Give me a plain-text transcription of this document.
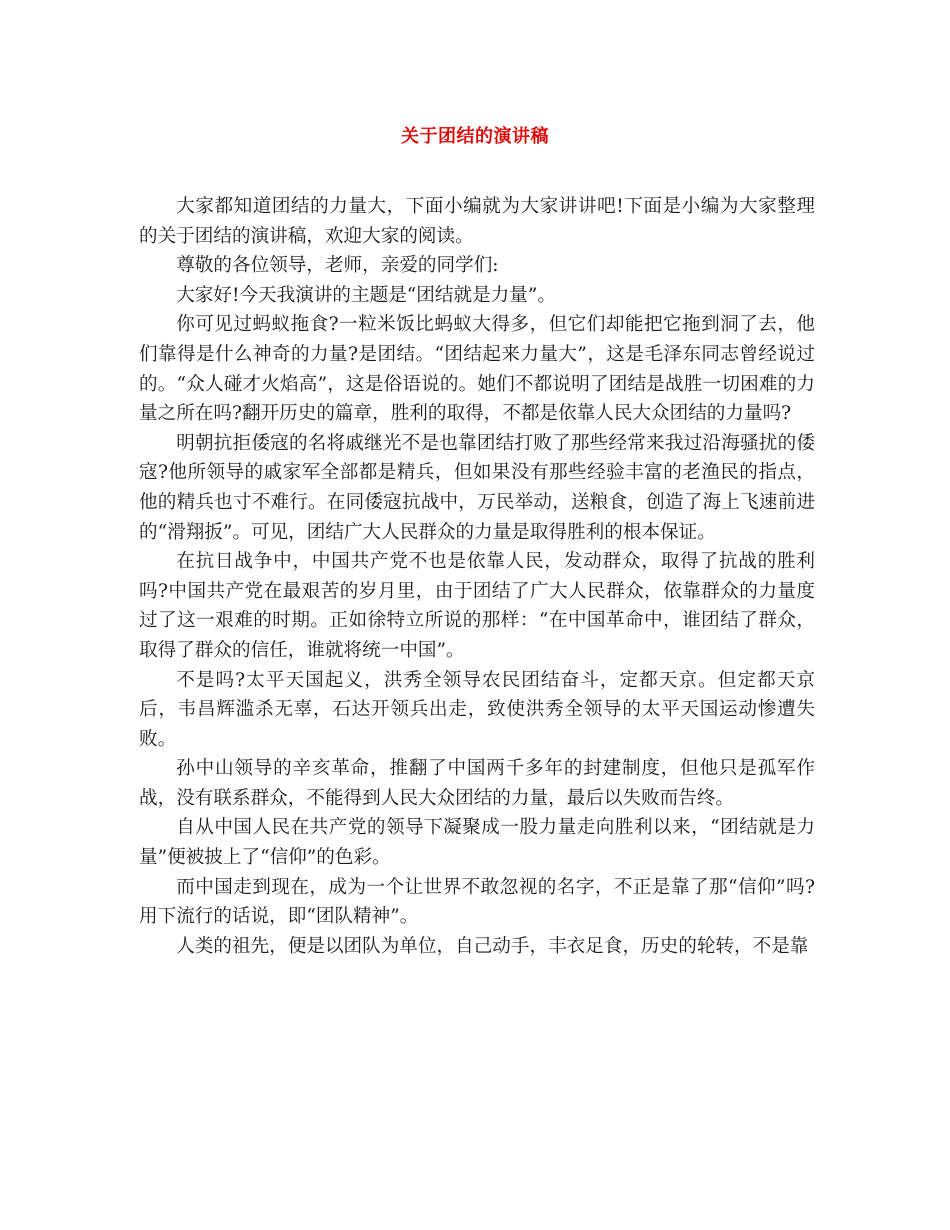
关于团结的演讲稿

大家都知道团结的力量大，下面小编就为大家讲讲吧!下面是小编为大家整理的关于团结的演讲稿，欢迎大家的阅读。

尊敬的各位领导，老师，亲爱的同学们:

大家好!今天我演讲的主题是“团结就是力量”。

你可见过蚂蚁拖食?一粒米饭比蚂蚁大得多，但它们却能把它拖到洞了去，他们靠得是什么神奇的力量?是团结。“团结起来力量大”，这是毛泽东同志曾经说过的。“众人碰才火焰高”，这是俗语说的。她们不都说明了团结是战胜一切困难的力量之所在吗?翻开历史的篇章，胜利的取得，不都是依靠人民大众团结的力量吗?

明朝抗拒倭寇的名将戚继光不是也靠团结打败了那些经常来我过沿海骚扰的倭寇?他所领导的戚家军全部都是精兵，但如果没有那些经验丰富的老渔民的指点，他的精兵也寸不难行。在同倭寇抗战中，万民举动，送粮食，创造了海上飞速前进的“滑翔扳”。可见，团结广大人民群众的力量是取得胜利的根本保证。

在抗日战争中，中国共产党不也是依靠人民，发动群众，取得了抗战的胜利吗?中国共产党在最艰苦的岁月里，由于团结了广大人民群众，依靠群众的力量度过了这一艰难的时期。正如徐特立所说的那样：“在中国革命中，谁团结了群众，取得了群众的信任，谁就将统一中国”。

不是吗?太平天国起义，洪秀全领导农民团结奋斗，定都天京。但定都天京后，韦昌辉滥杀无辜，石达开领兵出走，致使洪秀全领导的太平天国运动惨遭失败。

孙中山领导的辛亥革命，推翻了中国两千多年的封建制度，但他只是孤军作战，没有联系群众，不能得到人民大众团结的力量，最后以失败而告终。

自从中国人民在共产党的领导下凝聚成一股力量走向胜利以来，“团结就是力量”便被披上了“信仰”的色彩。

而中国走到现在，成为一个让世界不敢忽视的名字，不正是靠了那“信仰”吗?用下流行的话说，即“团队精神”。

人类的祖先，便是以团队为单位，自己动手，丰衣足食，历史的轮转，不是靠
